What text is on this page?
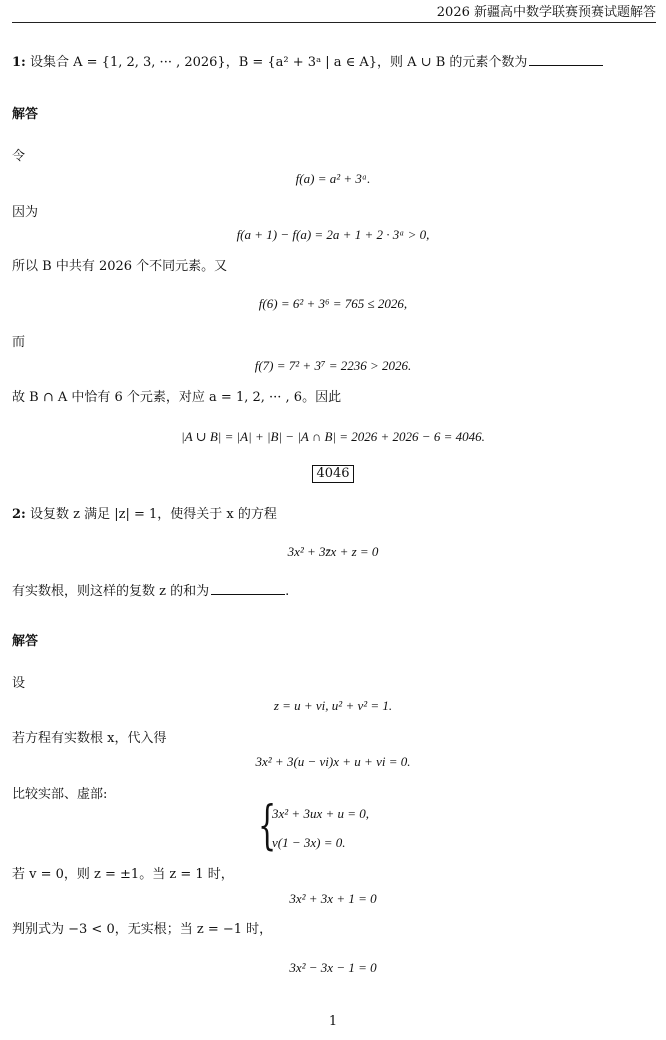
2026 新疆高中数学联赛预赛试题解答
1: 设集合 A = {1, 2, 3, ··· , 2026}，B = {a² + 3ᵃ | a ∈ A}，则 A ∪ B 的元素个数为
解答
令
f(a) = a² + 3ᵃ.
因为
f(a + 1) − f(a) = 2a + 1 + 2 · 3ᵃ > 0,
所以 B 中共有 2026 个不同元素。又
f(6) = 6² + 3⁶ = 765 ≤ 2026,
而
f(7) = 7² + 3⁷ = 2236 > 2026.
故 B ∩ A 中恰有 6 个元素，对应 a = 1, 2, ··· , 6。因此
|A ∪ B| = |A| + |B| − |A ∩ B| = 2026 + 2026 − 6 = 4046.
4046
2: 设复数 z 满足 |z| = 1，使得关于 x 的方程
3x² + 3z̄x + z = 0
有实数根，则这样的复数 z 的和为	.
解答
设
z = u + vi, u² + v² = 1.
若方程有实数根 x，代入得
3x² + 3(u − vi)x + u + vi = 0.
比较实部、虚部:
{
3x² + 3ux + u = 0,
v(1 − 3x) = 0.
若 v = 0，则 z = ±1。当 z = 1 时，
3x² + 3x + 1 = 0
判别式为 −3 < 0，无实根；当 z = −1 时，
3x² − 3x − 1 = 0
1
